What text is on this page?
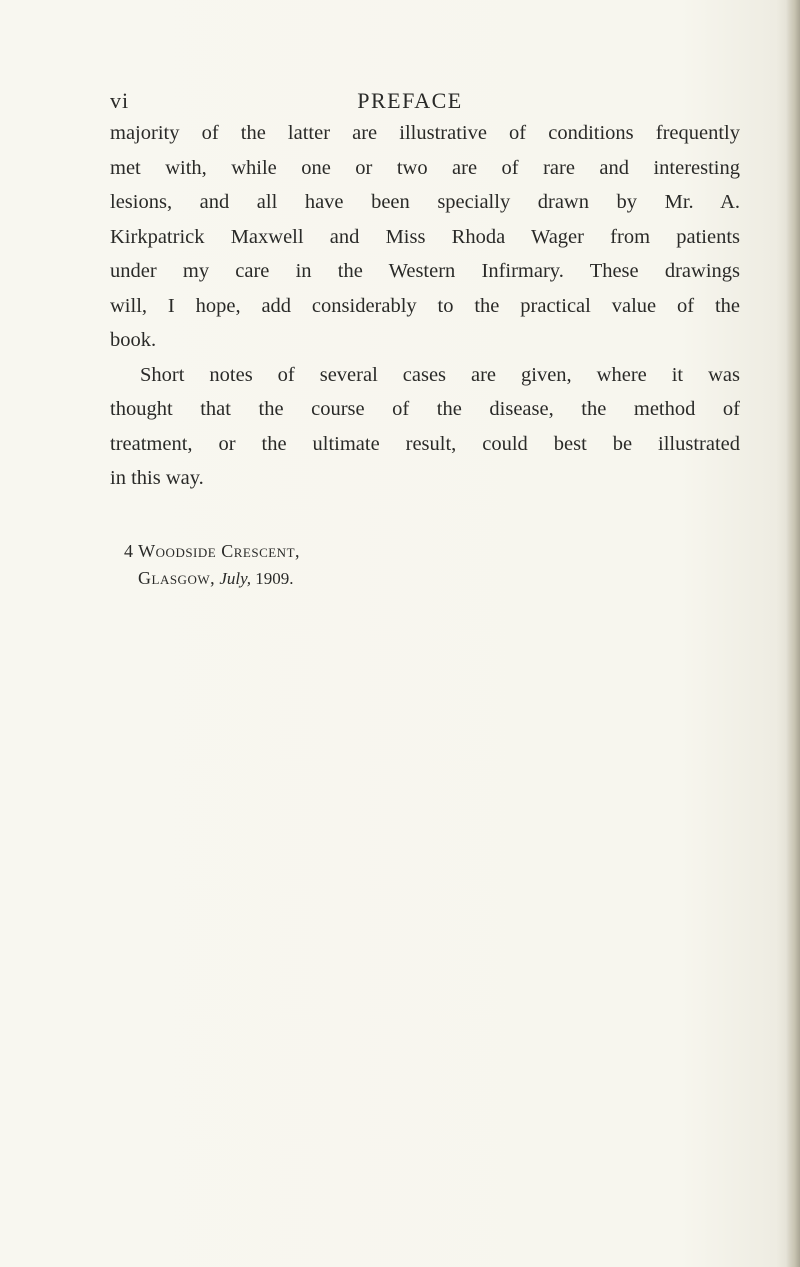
vi	PREFACE
majority of the latter are illustrative of conditions frequently
met with, while one or two are of rare and interesting
lesions, and all have been specially drawn by Mr. A.
Kirkpatrick Maxwell and Miss Rhoda Wager from patients
under my care in the Western Infirmary. These drawings
will, I hope, add considerably to the practical value of the
book.
Short notes of several cases are given, where it was
thought that the course of the disease, the method of
treatment, or the ultimate result, could best be illustrated
in this way.
4 Woodside Crescent,
Glasgow, July, 1909.
